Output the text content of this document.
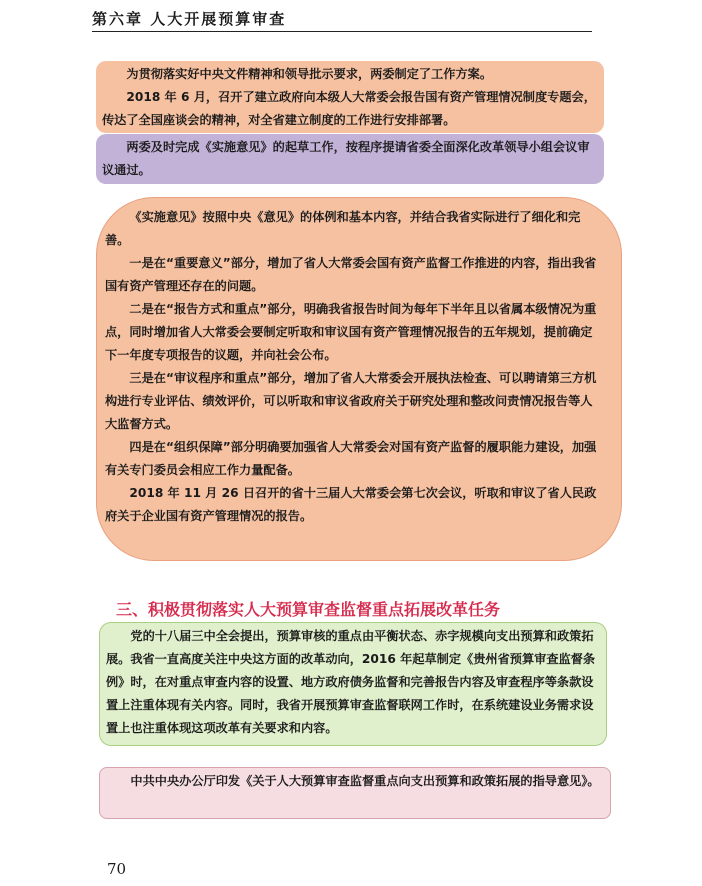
第六章 人大开展预算审查

为贯彻落实好中央文件精神和领导批示要求，两委制定了工作方案。

2018 年 6 月，召开了建立政府向本级人大常委会报告国有资产管理情况制度专题会，传达了全国座谈会的精神，对全省建立制度的工作进行安排部署。

两委及时完成《实施意见》的起草工作，按程序提请省委全面深化改革领导小组会议审议通过。

《实施意见》按照中央《意见》的体例和基本内容，并结合我省实际进行了细化和完善。

一是在“重要意义”部分，增加了省人大常委会国有资产监督工作推进的内容，指出我省国有资产管理还存在的问题。

二是在“报告方式和重点”部分，明确我省报告时间为每年下半年且以省属本级情况为重点，同时增加省人大常委会要制定听取和审议国有资产管理情况报告的五年规划，提前确定下一年度专项报告的议题，并向社会公布。

三是在“审议程序和重点”部分，增加了省人大常委会开展执法检查、可以聘请第三方机构进行专业评估、绩效评价，可以听取和审议省政府关于研究处理和整改问责情况报告等人大监督方式。

四是在“组织保障”部分明确要加强省人大常委会对国有资产监督的履职能力建设，加强有关专门委员会相应工作力量配备。

2018 年 11 月 26 日召开的省十三届人大常委会第七次会议，听取和审议了省人民政府关于企业国有资产管理情况的报告。

三、积极贯彻落实人大预算审查监督重点拓展改革任务

党的十八届三中全会提出，预算审核的重点由平衡状态、赤字规模向支出预算和政策拓展。我省一直高度关注中央这方面的改革动向，2016 年起草制定《贵州省预算审查监督条例》时，在对重点审查内容的设置、地方政府债务监督和完善报告内容及审查程序等条款设置上注重体现有关内容。同时，我省开展预算审查监督联网工作时，在系统建设业务需求设置上也注重体现这项改革有关要求和内容。

中共中央办公厅印发《关于人大预算审查监督重点向支出预算和政策拓展的指导意见》。

70
